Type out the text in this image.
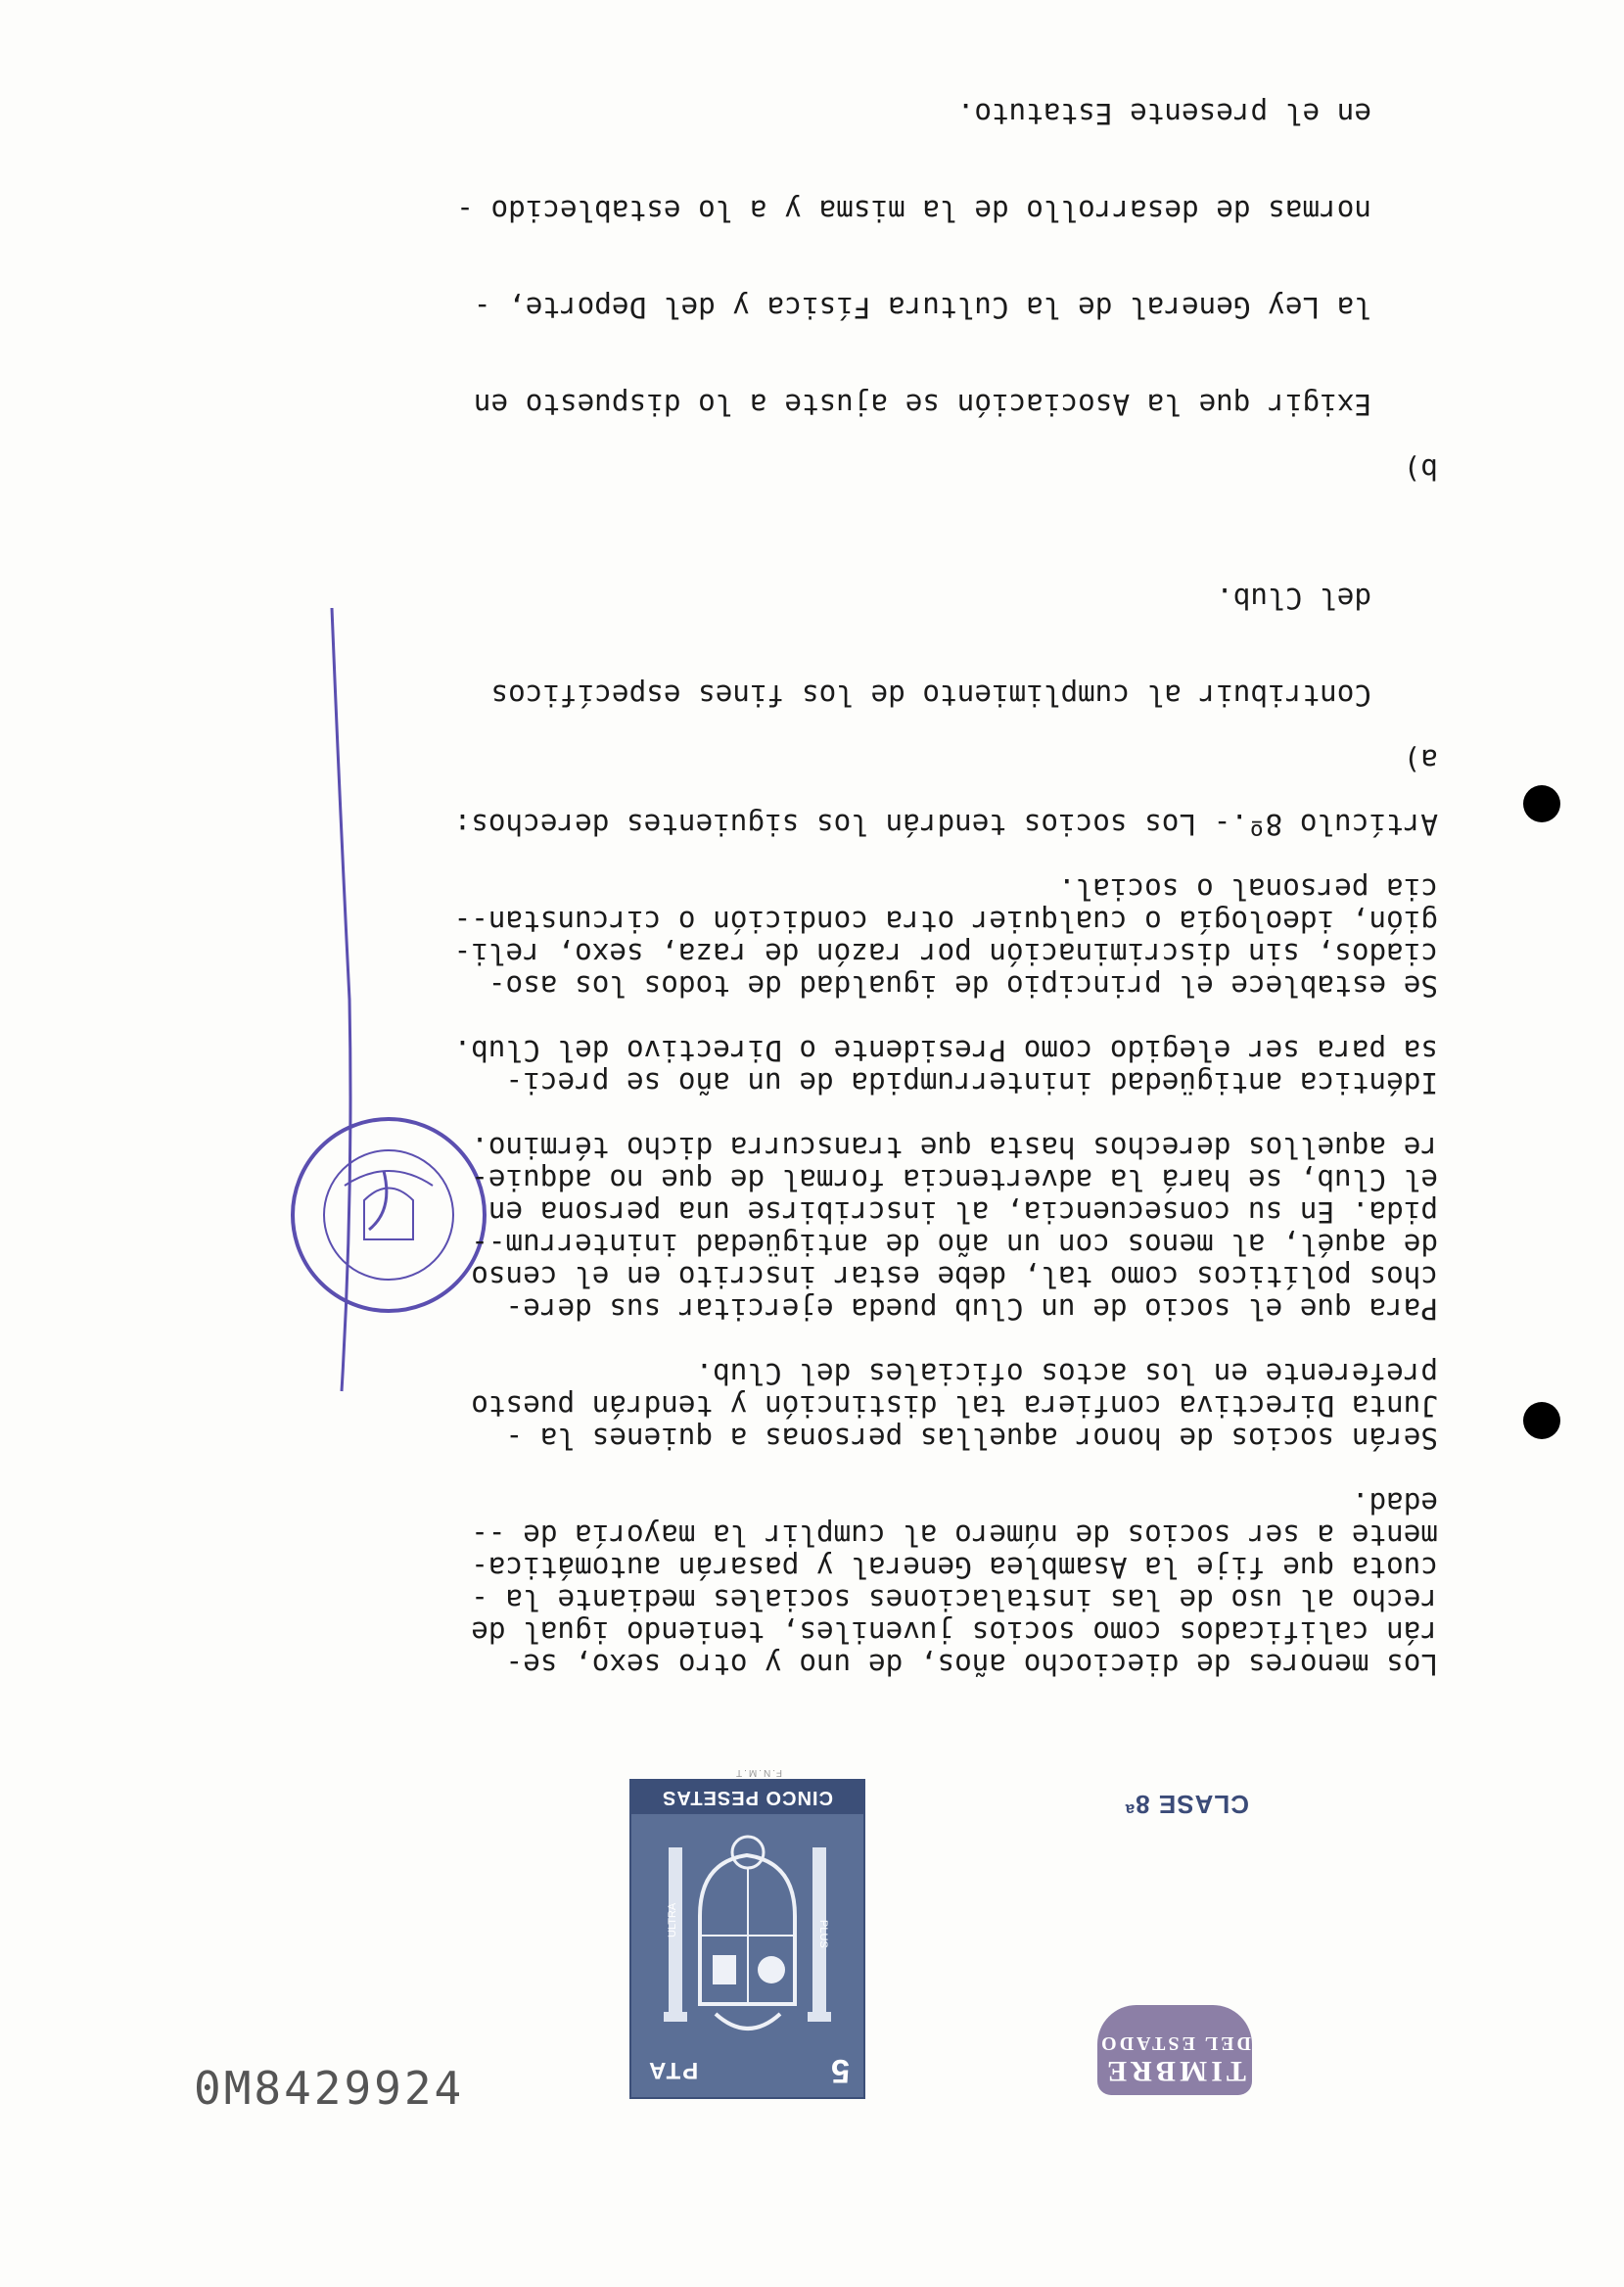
TIMBRE
DEL ESTADO
CLASE 8ª
5
PTA
PLUS
ULTRA
CINCO PESETAS
F.N.M.T
0M8429924

Los menores de dieciocho años, de uno y otro sexo, se-

rán calificados como socios juveniles, teniendo igual de

recho al uso de las instalaciones sociales mediante la -

cuota que fije la Asamblea General y pasarán automática-

mente a ser socios de número al cumplir la mayoría de --

edad.

Serán socios de honor aquellas personas a quienes la -

Junta Directiva confiera tal distinción y tendrán puesto

preferente en los actos oficiales del Club.

Para que el socio de un Club pueda ejercitar sus dere-

chos políticos como tal, debe estar inscrito en el censo

de aquél, al menos con un año de antigüedad ininterrum--

pida. En su consecuencia, al inscribirse una persona en

el Club, se hará la advertencia formal de que no adquie-

re aquellos derechos hasta que transcurra dicho término.

Idéntica antigüedad ininterrumpida de un año se preci-

sa para ser elegido como Presidente o Directivo del Club.

Se establece el principio de igualdad de todos los aso-

ciados, sin discriminación por razón de raza, sexo, reli-

gión, ideología o cualquier otra condición o circunstan--

cia personal o social.

Artículo 8º.- Los socios tendrán los siguientes derechos:

a)

Contribuir al cumplimiento de los fines específicos

del Club.

b)

Exigir que la Asociación se ajuste a lo dispuesto en

la Ley General de la Cultura Física y del Deporte, -

normas de desarrollo de la misma y a lo establecido -

en el presente Estatuto.
